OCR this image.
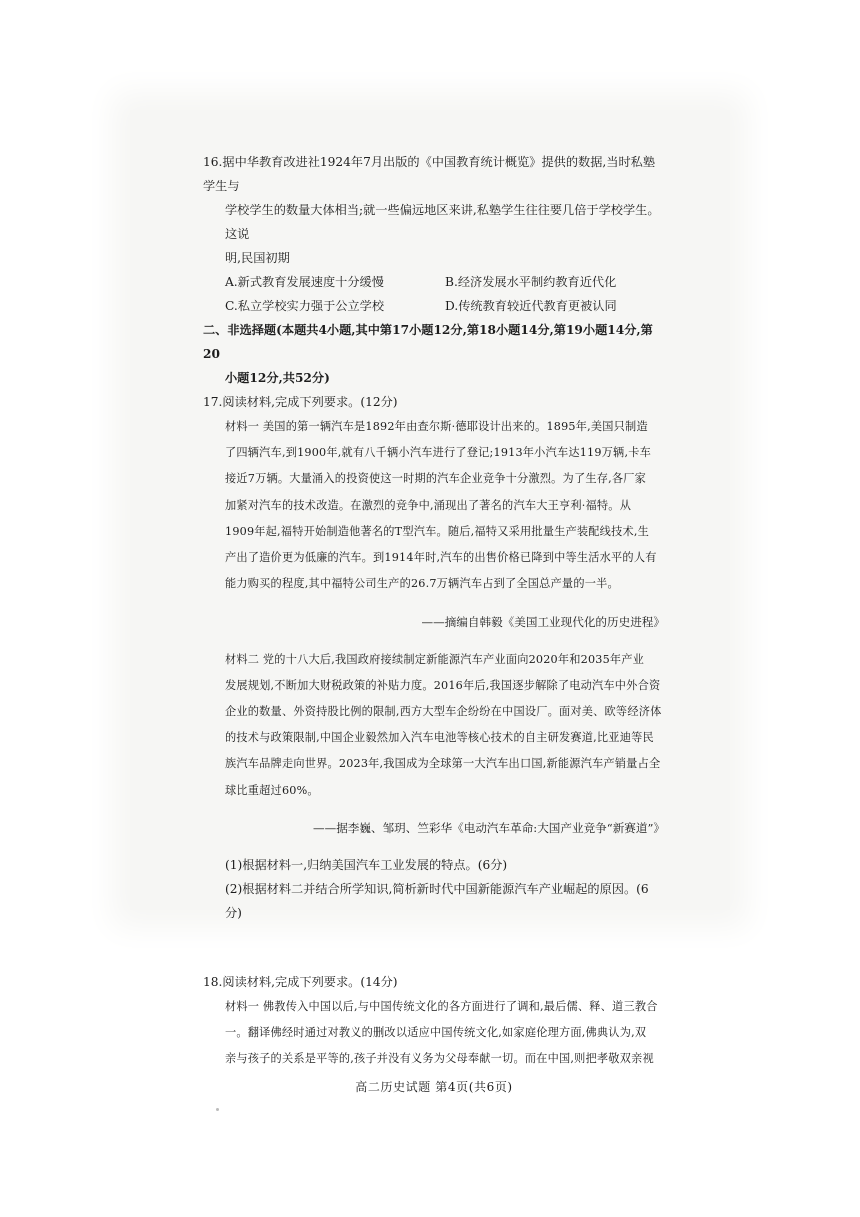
16.据中华教育改进社1924年7月出版的《中国教育统计概览》提供的数据,当时私塾学生与

学校学生的数量大体相当;就一些偏远地区来讲,私塾学生往往要几倍于学校学生。这说

明,民国初期

A.新式教育发展速度十分缓慢	B.经济发展水平制约教育近代化
C.私立学校实力强于公立学校	D.传统教育较近代教育更被认同

二、非选择题(本题共4小题,其中第17小题12分,第18小题14分,第19小题14分,第20

小题12分,共52分)

17.阅读材料,完成下列要求。(12分)

材料一 美国的第一辆汽车是1892年由查尔斯·德耶设计出来的。1895年,美国只制造

了四辆汽车,到1900年,就有八千辆小汽车进行了登记;1913年小汽车达119万辆,卡车

接近7万辆。大量涌入的投资使这一时期的汽车企业竞争十分激烈。为了生存,各厂家

加紧对汽车的技术改造。在激烈的竞争中,涌现出了著名的汽车大王亨利·福特。从

1909年起,福特开始制造他著名的T型汽车。随后,福特又采用批量生产装配线技术,生

产出了造价更为低廉的汽车。到1914年时,汽车的出售价格已降到中等生活水平的人有

能力购买的程度,其中福特公司生产的26.7万辆汽车占到了全国总产量的一半。

——摘编自韩毅《美国工业现代化的历史进程》

材料二 党的十八大后,我国政府接续制定新能源汽车产业面向2020年和2035年产业

发展规划,不断加大财税政策的补贴力度。2016年后,我国逐步解除了电动汽车中外合资

企业的数量、外资持股比例的限制,西方大型车企纷纷在中国设厂。面对美、欧等经济体

的技术与政策限制,中国企业毅然加入汽车电池等核心技术的自主研发赛道,比亚迪等民

族汽车品牌走向世界。2023年,我国成为全球第一大汽车出口国,新能源汽车产销量占全

球比重超过60%。

——据李巍、邹玥、竺彩华《电动汽车革命:大国产业竞争“新赛道”》

(1)根据材料一,归纳美国汽车工业发展的特点。(6分)

(2)根据材料二并结合所学知识,简析新时代中国新能源汽车产业崛起的原因。(6分)

18.阅读材料,完成下列要求。(14分)

材料一 佛教传入中国以后,与中国传统文化的各方面进行了调和,最后儒、释、道三教合

一。翻译佛经时通过对教义的删改以适应中国传统文化,如家庭伦理方面,佛典认为,双

亲与孩子的关系是平等的,孩子并没有义务为父母奉献一切。而在中国,则把孝敬双亲视

高二历史试题 第4页(共6页)
